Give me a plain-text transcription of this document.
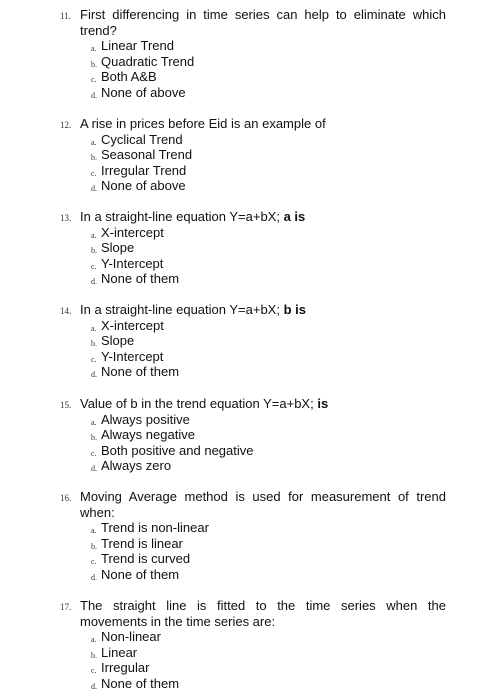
11. First differencing in time series can help to eliminate which trend?
a. Linear Trend
b. Quadratic Trend
c. Both A&B
d. None of above
12. A rise in prices before Eid is an example of
a. Cyclical Trend
b. Seasonal Trend
c. Irregular Trend
d. None of above
13. In a straight-line equation Y=a+bX; a is
a. X-intercept
b. Slope
c. Y-Intercept
d. None of them
14. In a straight-line equation Y=a+bX; b is
a. X-intercept
b. Slope
c. Y-Intercept
d. None of them
15. Value of b in the trend equation Y=a+bX; is
a. Always positive
b. Always negative
c. Both positive and negative
d. Always zero
16. Moving Average method is used for measurement of trend when:
a. Trend is non-linear
b. Trend is linear
c. Trend is curved
d. None of them
17. The straight line is fitted to the time series when the movements in the time series are:
a. Non-linear
b. Linear
c. Irregular
d. None of them
